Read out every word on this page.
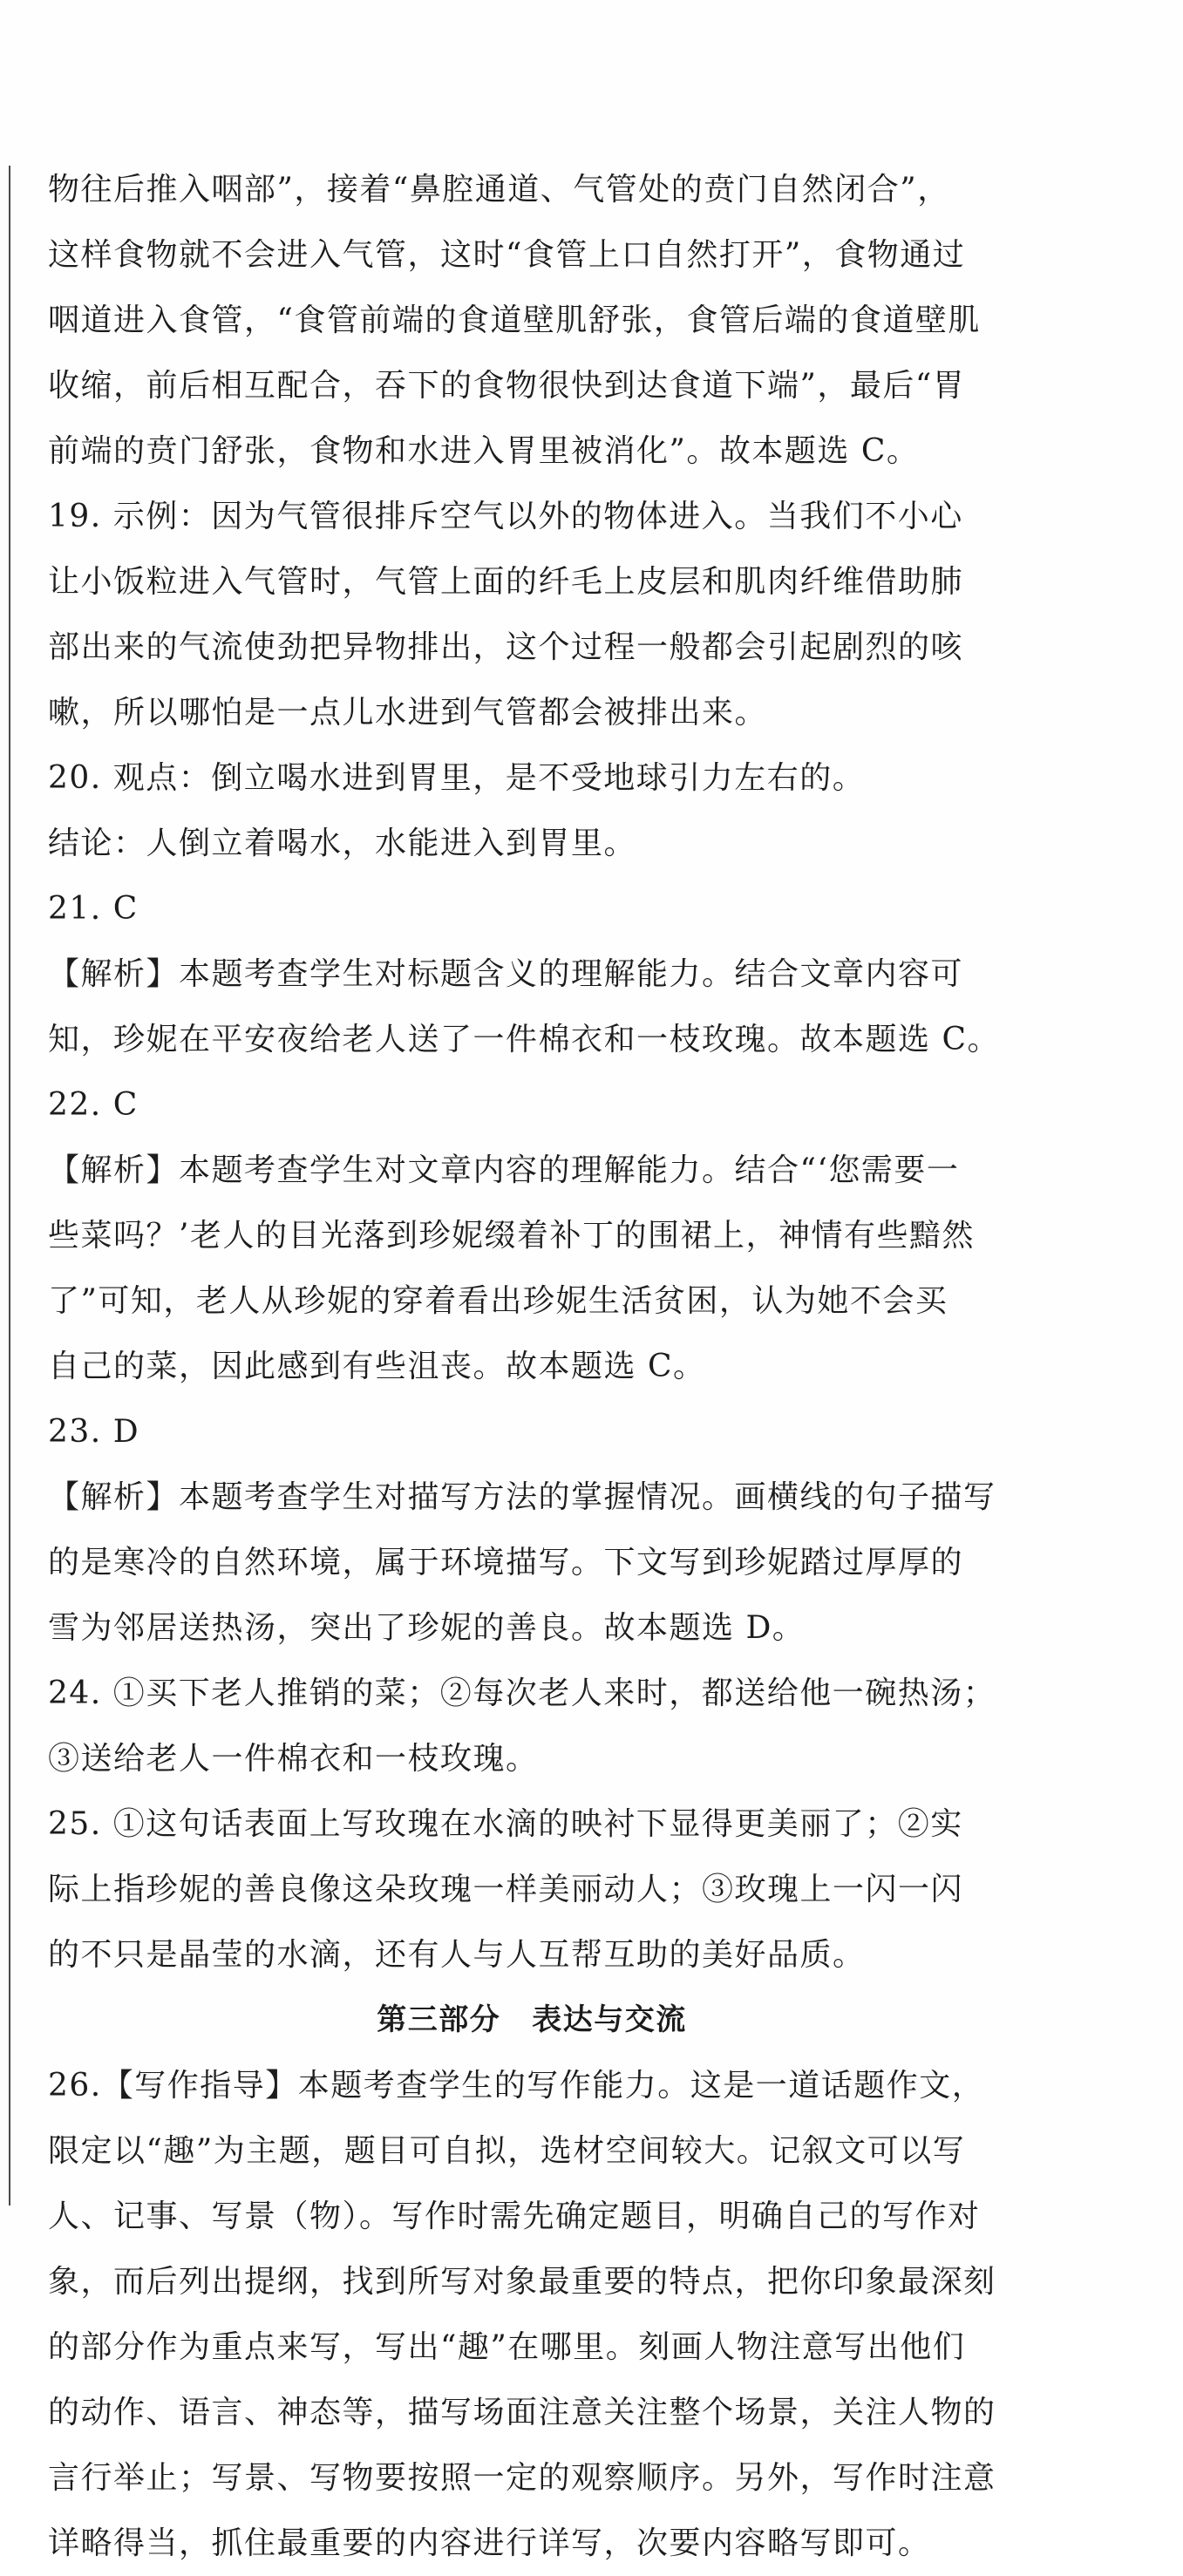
物往后推入咽部”，接着“鼻腔通道、气管处的贲门自然闭合”，
这样食物就不会进入气管，这时“食管上口自然打开”，食物通过
咽道进入食管，“食管前端的食道壁肌舒张，食管后端的食道壁肌
收缩，前后相互配合，吞下的食物很快到达食道下端”，最后“胃
前端的贲门舒张，食物和水进入胃里被消化”。故本题选 C。
19. 示例：因为气管很排斥空气以外的物体进入。当我们不小心
让小饭粒进入气管时，气管上面的纤毛上皮层和肌肉纤维借助肺
部出来的气流使劲把异物排出，这个过程一般都会引起剧烈的咳
嗽，所以哪怕是一点儿水进到气管都会被排出来。
20. 观点：倒立喝水进到胃里，是不受地球引力左右的。
结论：人倒立着喝水，水能进入到胃里。
21. C
【解析】本题考查学生对标题含义的理解能力。结合文章内容可
知，珍妮在平安夜给老人送了一件棉衣和一枝玫瑰。故本题选 C。
22. C
【解析】本题考查学生对文章内容的理解能力。结合“‘您需要一
些菜吗？’老人的目光落到珍妮缀着补丁的围裙上，神情有些黯然
了”可知，老人从珍妮的穿着看出珍妮生活贫困，认为她不会买
自己的菜，因此感到有些沮丧。故本题选 C。
23. D
【解析】本题考查学生对描写方法的掌握情况。画横线的句子描写
的是寒冷的自然环境，属于环境描写。下文写到珍妮踏过厚厚的
雪为邻居送热汤，突出了珍妮的善良。故本题选 D。
24. ①买下老人推销的菜；②每次老人来时，都送给他一碗热汤；
③送给老人一件棉衣和一枝玫瑰。
25. ①这句话表面上写玫瑰在水滴的映衬下显得更美丽了；②实
际上指珍妮的善良像这朵玫瑰一样美丽动人；③玫瑰上一闪一闪
的不只是晶莹的水滴，还有人与人互帮互助的美好品质。
第三部分 表达与交流
26.【写作指导】本题考查学生的写作能力。这是一道话题作文，
限定以“趣”为主题，题目可自拟，选材空间较大。记叙文可以写
人、记事、写景（物）。写作时需先确定题目，明确自己的写作对
象，而后列出提纲，找到所写对象最重要的特点，把你印象最深刻
的部分作为重点来写，写出“趣”在哪里。刻画人物注意写出他们
的动作、语言、神态等，描写场面注意关注整个场景，关注人物的
言行举止；写景、写物要按照一定的观察顺序。另外，写作时注意
详略得当，抓住最重要的内容进行详写，次要内容略写即可。
